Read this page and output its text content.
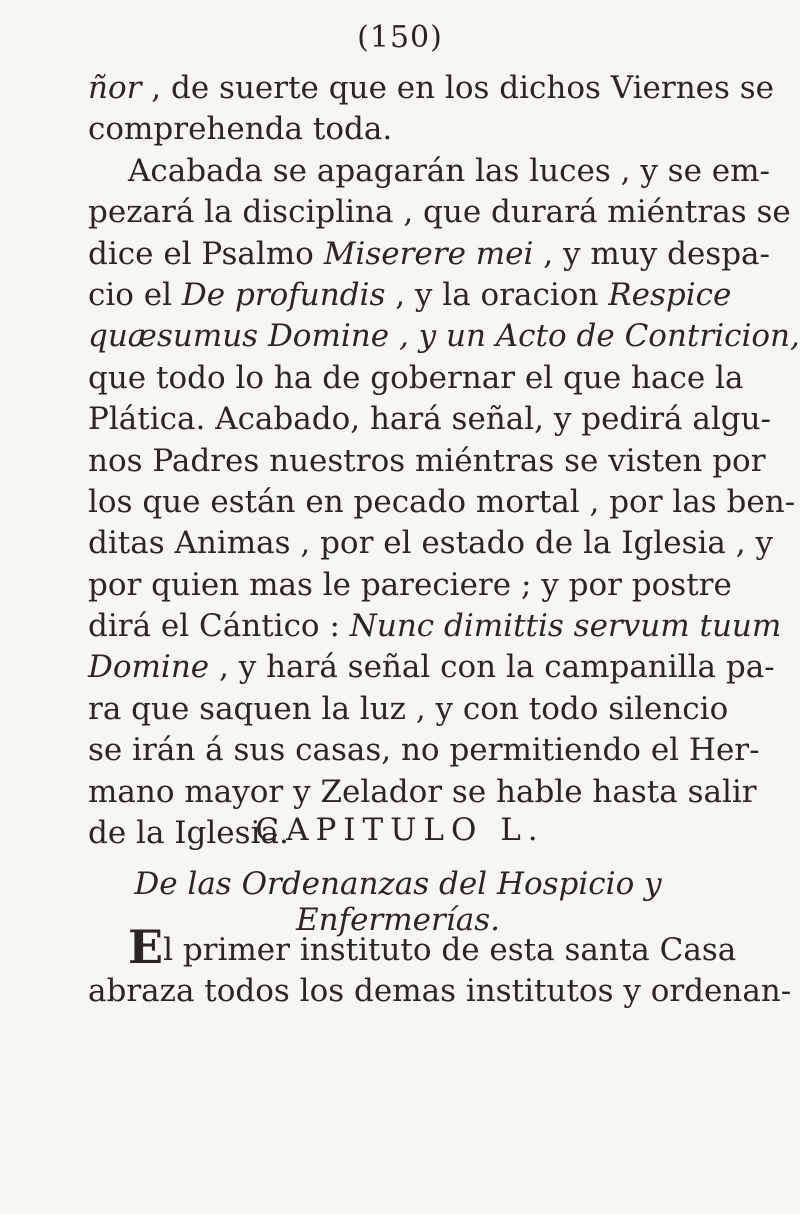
(150)
ñor , de suerte que en los dichos Viernes se
comprehenda toda.
Acabada se apagarán las luces , y se em-
pezará la disciplina , que durará miéntras se
dice el Psalmo Miserere mei , y muy despa-
cio el De profundis , y la oracion Respice
quæsumus Domine , y un Acto de Contricion,
que todo lo ha de gobernar el que hace la
Plática. Acabado, hará señal, y pedirá algu-
nos Padres nuestros miéntras se visten por
los que están en pecado mortal , por las ben-
ditas Animas , por el estado de la Iglesia , y
por quien mas le pareciere ; y por postre
dirá el Cántico : Nunc dimittis servum tuum
Domine , y hará señal con la campanilla pa-
ra que saquen la luz , y con todo silencio
se irán á sus casas, no permitiendo el Her-
mano mayor y Zelador se hable hasta salir
de la Iglesia.
CAPITULO L.
De las Ordenanzas del Hospicio y Enfermerías.
El primer instituto de esta santa Casa
abraza todos los demas institutos y ordenan-
